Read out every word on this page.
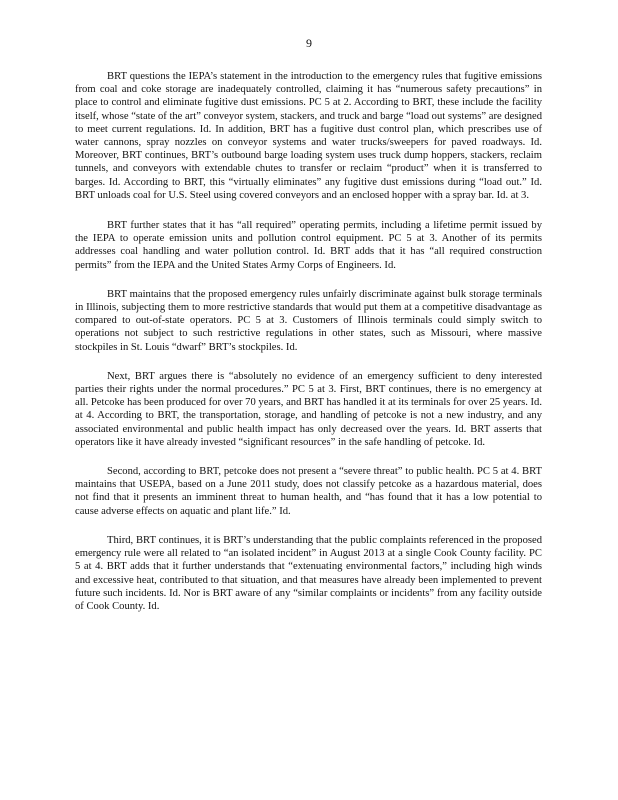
9

BRT questions the IEPA’s statement in the introduction to the emergency rules that fugitive emissions from coal and coke storage are inadequately controlled, claiming it has “numerous safety precautions” in place to control and eliminate fugitive dust emissions. PC 5 at 2. According to BRT, these include the facility itself, whose “state of the art” conveyor system, stackers, and truck and barge “load out systems” are designed to meet current regulations. Id. In addition, BRT has a fugitive dust control plan, which prescribes use of water cannons, spray nozzles on conveyor systems and water trucks/sweepers for paved roadways. Id. Moreover, BRT continues, BRT’s outbound barge loading system uses truck dump hoppers, stackers, reclaim tunnels, and conveyors with extendable chutes to transfer or reclaim “product” when it is transferred to barges. Id. According to BRT, this “virtually eliminates” any fugitive dust emissions during “load out.” Id. BRT unloads coal for U.S. Steel using covered conveyors and an enclosed hopper with a spray bar. Id. at 3.

BRT further states that it has “all required” operating permits, including a lifetime permit issued by the IEPA to operate emission units and pollution control equipment. PC 5 at 3. Another of its permits addresses coal handling and water pollution control. Id. BRT adds that it has “all required construction permits” from the IEPA and the United States Army Corps of Engineers. Id.

BRT maintains that the proposed emergency rules unfairly discriminate against bulk storage terminals in Illinois, subjecting them to more restrictive standards that would put them at a competitive disadvantage as compared to out-of-state operators. PC 5 at 3. Customers of Illinois terminals could simply switch to operations not subject to such restrictive regulations in other states, such as Missouri, where massive stockpiles in St. Louis “dwarf” BRT’s stockpiles. Id.

Next, BRT argues there is “absolutely no evidence of an emergency sufficient to deny interested parties their rights under the normal procedures.” PC 5 at 3. First, BRT continues, there is no emergency at all. Petcoke has been produced for over 70 years, and BRT has handled it at its terminals for over 25 years. Id. at 4. According to BRT, the transportation, storage, and handling of petcoke is not a new industry, and any associated environmental and public health impact has only decreased over the years. Id. BRT asserts that operators like it have already invested “significant resources” in the safe handling of petcoke. Id.

Second, according to BRT, petcoke does not present a “severe threat” to public health. PC 5 at 4. BRT maintains that USEPA, based on a June 2011 study, does not classify petcoke as a hazardous material, does not find that it presents an imminent threat to human health, and “has found that it has a low potential to cause adverse effects on aquatic and plant life.” Id.

Third, BRT continues, it is BRT’s understanding that the public complaints referenced in the proposed emergency rule were all related to “an isolated incident” in August 2013 at a single Cook County facility. PC 5 at 4. BRT adds that it further understands that “extenuating environmental factors,” including high winds and excessive heat, contributed to that situation, and that measures have already been implemented to prevent future such incidents. Id. Nor is BRT aware of any “similar complaints or incidents” from any facility outside of Cook County. Id.
